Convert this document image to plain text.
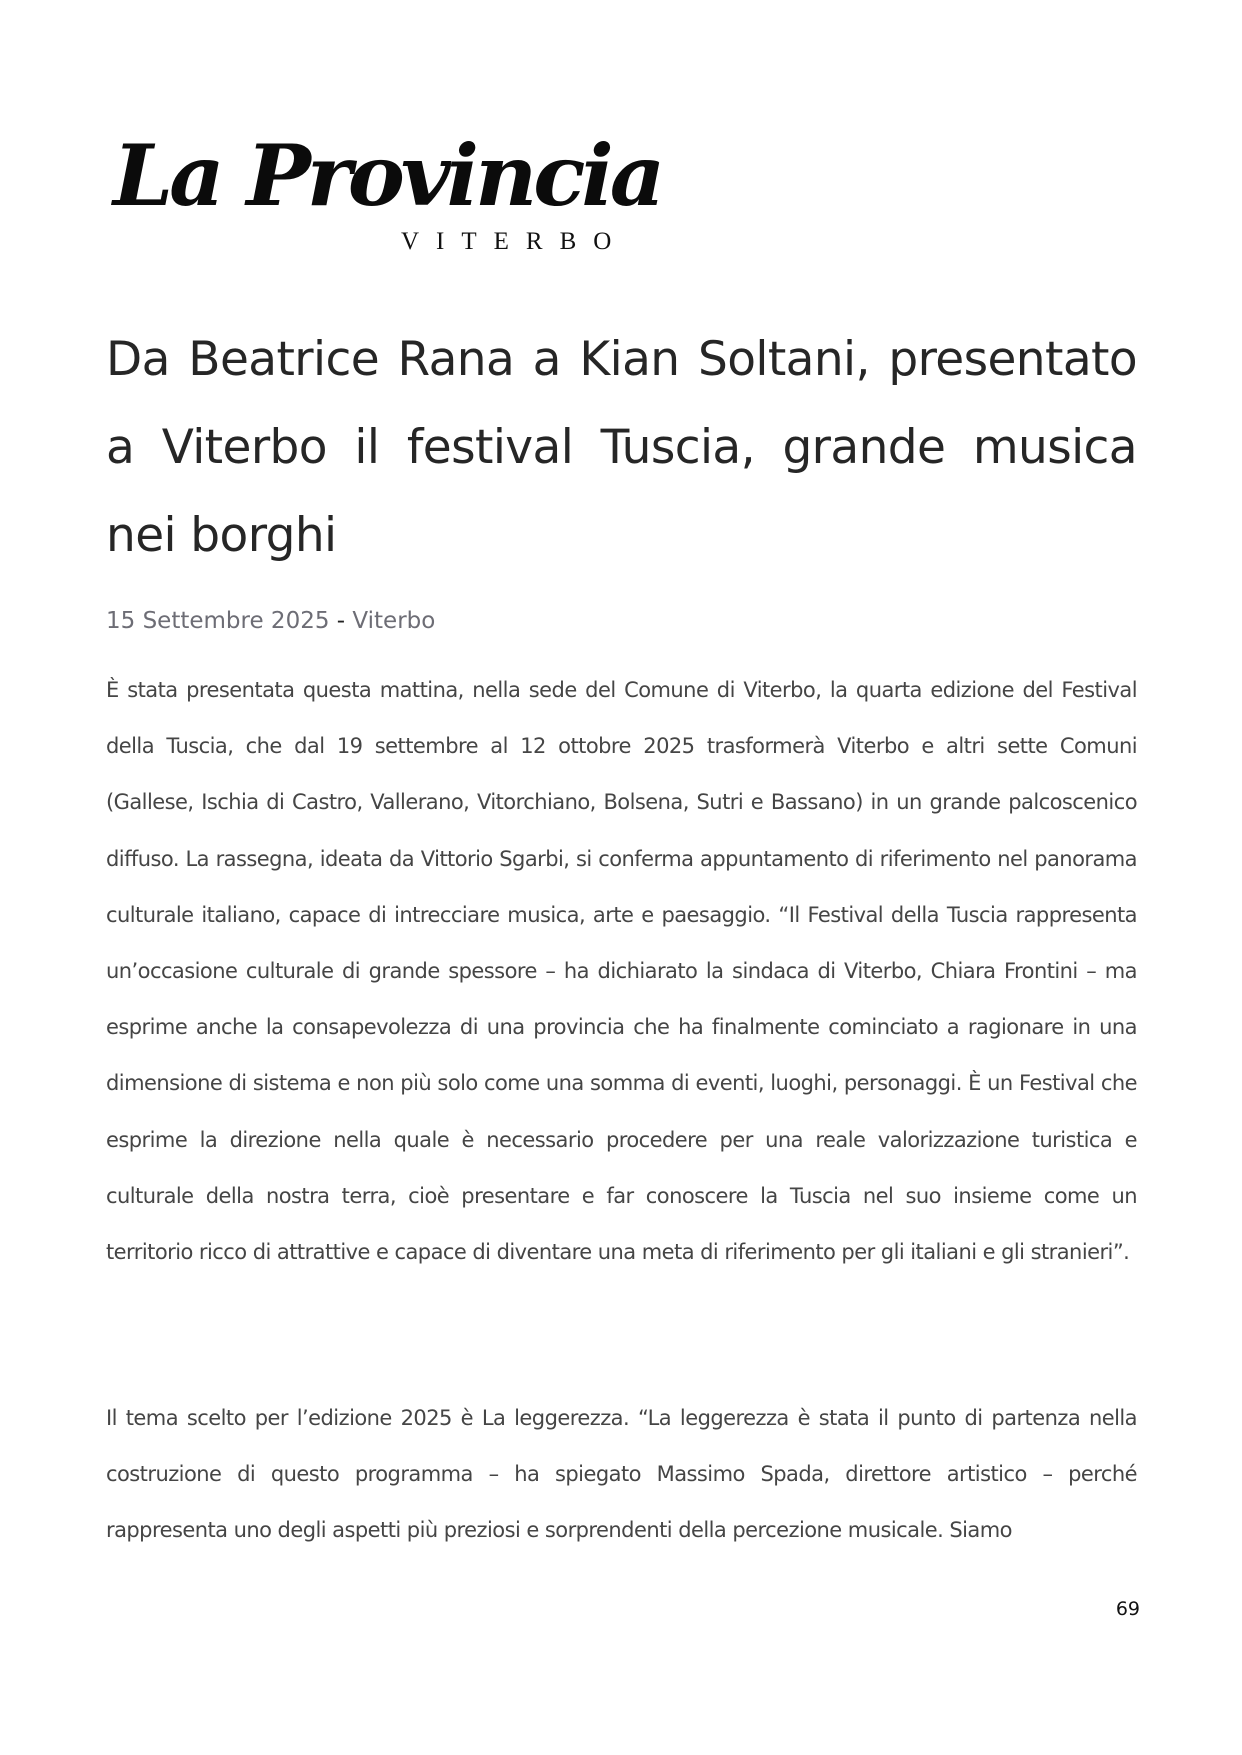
La Provincia
VITERBO
Da Beatrice Rana a Kian Soltani, presentato a Viterbo il festival Tuscia, grande musica nei borghi
15 Settembre 2025 - Viterbo

È stata presentata questa mattina, nella sede del Comune di Viterbo, la quarta edizione del Festival della Tuscia, che dal 19 settembre al 12 ottobre 2025 trasformerà Viterbo e altri sette Comuni (Gallese, Ischia di Castro, Vallerano, Vitorchiano, Bolsena, Sutri e Bassano) in un grande palcoscenico diffuso. La rassegna, ideata da Vittorio Sgarbi, si conferma appuntamento di riferimento nel panorama culturale italiano, capace di intrecciare musica, arte e paesaggio. “Il Festival della Tuscia rappresenta un’occasione culturale di grande spessore – ha dichiarato la sindaca di Viterbo, Chiara Frontini – ma esprime anche la consapevolezza di una provincia che ha finalmente cominciato a ragionare in una dimensione di sistema e non più solo come una somma di eventi, luoghi, personaggi. È un Festival che esprime la direzione nella quale è necessario procedere per una reale valorizzazione turistica e culturale della nostra terra, cioè presentare e far conoscere la Tuscia nel suo insieme come un territorio ricco di attrattive e capace di diventare una meta di riferimento per gli italiani e gli stranieri”.

Il tema scelto per l’edizione 2025 è La leggerezza. “La leggerezza è stata il punto di partenza nella costruzione di questo programma – ha spiegato Massimo Spada, direttore artistico – perché rappresenta uno degli aspetti più preziosi e sorprendenti della percezione musicale. Siamo

69
